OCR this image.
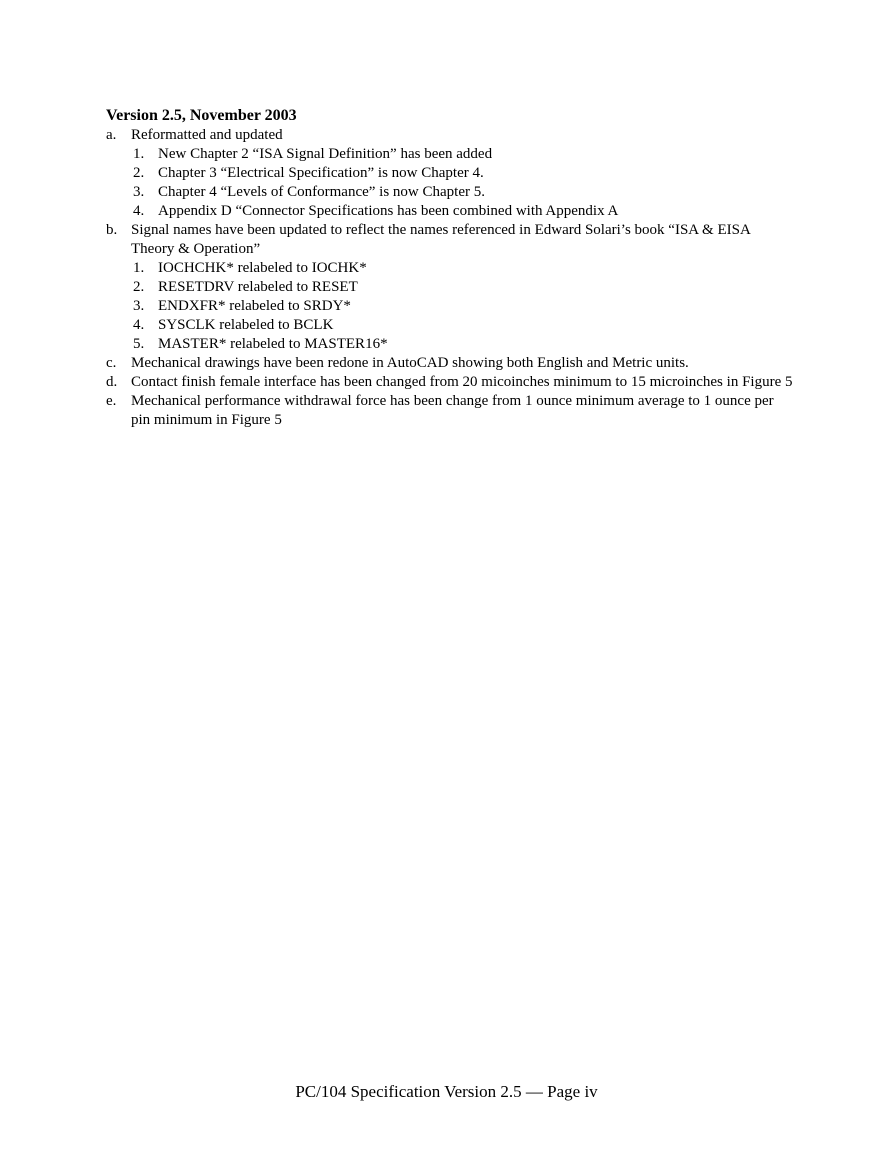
Version 2.5, November 2003
a. Reformatted and updated
1. New Chapter 2 “ISA Signal Definition” has been added
2. Chapter 3 “Electrical Specification” is now Chapter 4.
3. Chapter 4 “Levels of Conformance” is now Chapter 5.
4. Appendix D “Connector Specifications has been combined with Appendix A
b. Signal names have been updated to reflect the names referenced in Edward Solari’s book “ISA & EISA Theory & Operation”
1. IOCHCHK* relabeled to IOCHK*
2. RESETDRV relabeled to RESET
3. ENDXFR* relabeled to SRDY*
4. SYSCLK relabeled to BCLK
5. MASTER* relabeled to MASTER16*
c. Mechanical drawings have been redone in AutoCAD showing both English and Metric units.
d. Contact finish female interface has been changed from 20 micoinches minimum to 15 microinches in Figure 5
e. Mechanical performance withdrawal force has been change from 1 ounce minimum average to 1 ounce per pin minimum in Figure 5
PC/104 Specification Version 2.5 — Page iv
